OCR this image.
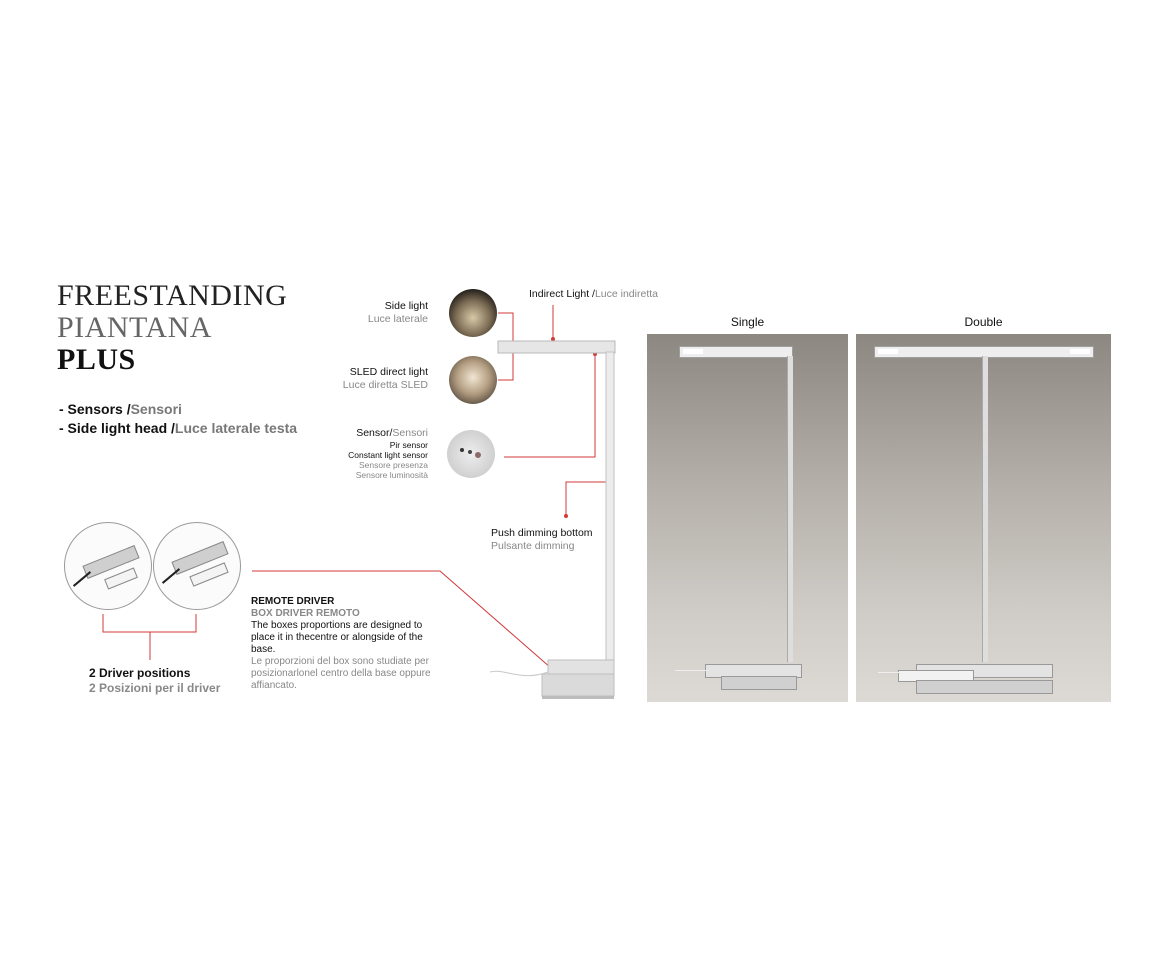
FREESTANDING
PIANTANA
PLUS
- Sensors /Sensori
- Side light head /Luce laterale testa
Side light
Luce laterale
SLED direct light
Luce diretta SLED
Sensor/Sensori
Pir sensor
Constant light sensor
Sensore presenza
Sensore luminosità
Indirect Light /Luce indiretta
Push dimming bottom
Pulsante dimming
2 Driver positions
2 Posizioni per il driver
REMOTE DRIVER
BOX DRIVER REMOTO
The boxes proportions are designed to place it in thecentre or alongside of the base.
Le proporzioni del box sono studiate per posizionarlonel centro della base oppure affiancato.
Single	Double
